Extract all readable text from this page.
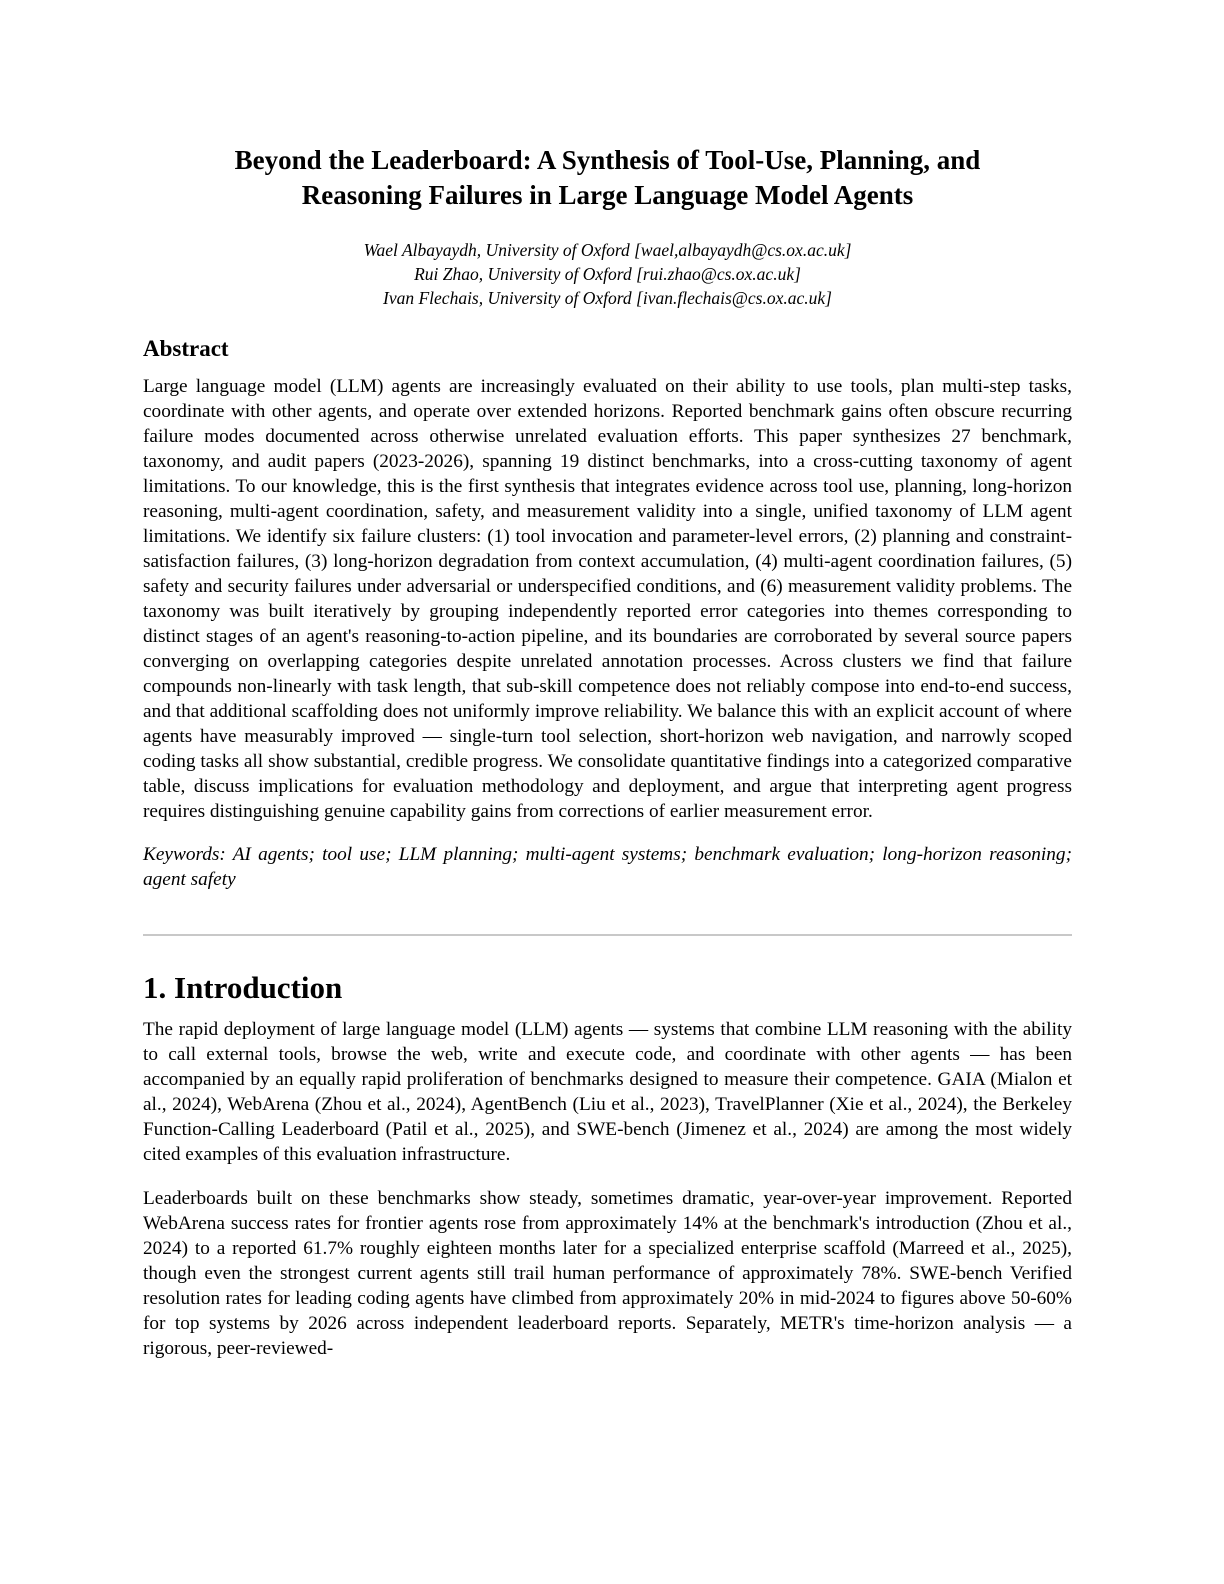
Beyond the Leaderboard: A Synthesis of Tool-Use, Planning, and
Reasoning Failures in Large Language Model Agents
Wael Albayaydh, University of Oxford [wael,albayaydh@cs.ox.ac.uk]
Rui Zhao, University of Oxford [rui.zhao@cs.ox.ac.uk]
Ivan Flechais, University of Oxford [ivan.flechais@cs.ox.ac.uk]
Abstract

Large language model (LLM) agents are increasingly evaluated on their ability to use tools, plan multi-step tasks, coordinate with other agents, and operate over extended horizons. Reported benchmark gains often obscure recurring failure modes documented across otherwise unrelated evaluation efforts. This paper synthesizes 27 benchmark, taxonomy, and audit papers (2023-2026), spanning 19 distinct benchmarks, into a cross-cutting taxonomy of agent limitations. To our knowledge, this is the first synthesis that integrates evidence across tool use, planning, long-horizon reasoning, multi-agent coordination, safety, and measurement validity into a single, unified taxonomy of LLM agent limitations. We identify six failure clusters: (1) tool invocation and parameter-level errors, (2) planning and constraint-satisfaction failures, (3) long-horizon degradation from context accumulation, (4) multi-agent coordination failures, (5) safety and security failures under adversarial or underspecified conditions, and (6) measurement validity problems. The taxonomy was built iteratively by grouping independently reported error categories into themes corresponding to distinct stages of an agent's reasoning-to-action pipeline, and its boundaries are corroborated by several source papers converging on overlapping categories despite unrelated annotation processes. Across clusters we find that failure compounds non-linearly with task length, that sub-skill competence does not reliably compose into end-to-end success, and that additional scaffolding does not uniformly improve reliability. We balance this with an explicit account of where agents have measurably improved — single-turn tool selection, short-horizon web navigation, and narrowly scoped coding tasks all show substantial, credible progress. We consolidate quantitative findings into a categorized comparative table, discuss implications for evaluation methodology and deployment, and argue that interpreting agent progress requires distinguishing genuine capability gains from corrections of earlier measurement error.

Keywords: AI agents; tool use; LLM planning; multi-agent systems; benchmark evaluation; long-horizon reasoning; agent safety

1. Introduction

The rapid deployment of large language model (LLM) agents — systems that combine LLM reasoning with the ability to call external tools, browse the web, write and execute code, and coordinate with other agents — has been accompanied by an equally rapid proliferation of benchmarks designed to measure their competence. GAIA (Mialon et al., 2024), WebArena (Zhou et al., 2024), AgentBench (Liu et al., 2023), TravelPlanner (Xie et al., 2024), the Berkeley Function-Calling Leaderboard (Patil et al., 2025), and SWE-bench (Jimenez et al., 2024) are among the most widely cited examples of this evaluation infrastructure.

Leaderboards built on these benchmarks show steady, sometimes dramatic, year-over-year improvement. Reported WebArena success rates for frontier agents rose from approximately 14% at the benchmark's introduction (Zhou et al., 2024) to a reported 61.7% roughly eighteen months later for a specialized enterprise scaffold (Marreed et al., 2025), though even the strongest current agents still trail human performance of approximately 78%. SWE-bench Verified resolution rates for leading coding agents have climbed from approximately 20% in mid-2024 to figures above 50-60% for top systems by 2026 across independent leaderboard reports. Separately, METR's time-horizon analysis — a rigorous, peer-reviewed-
